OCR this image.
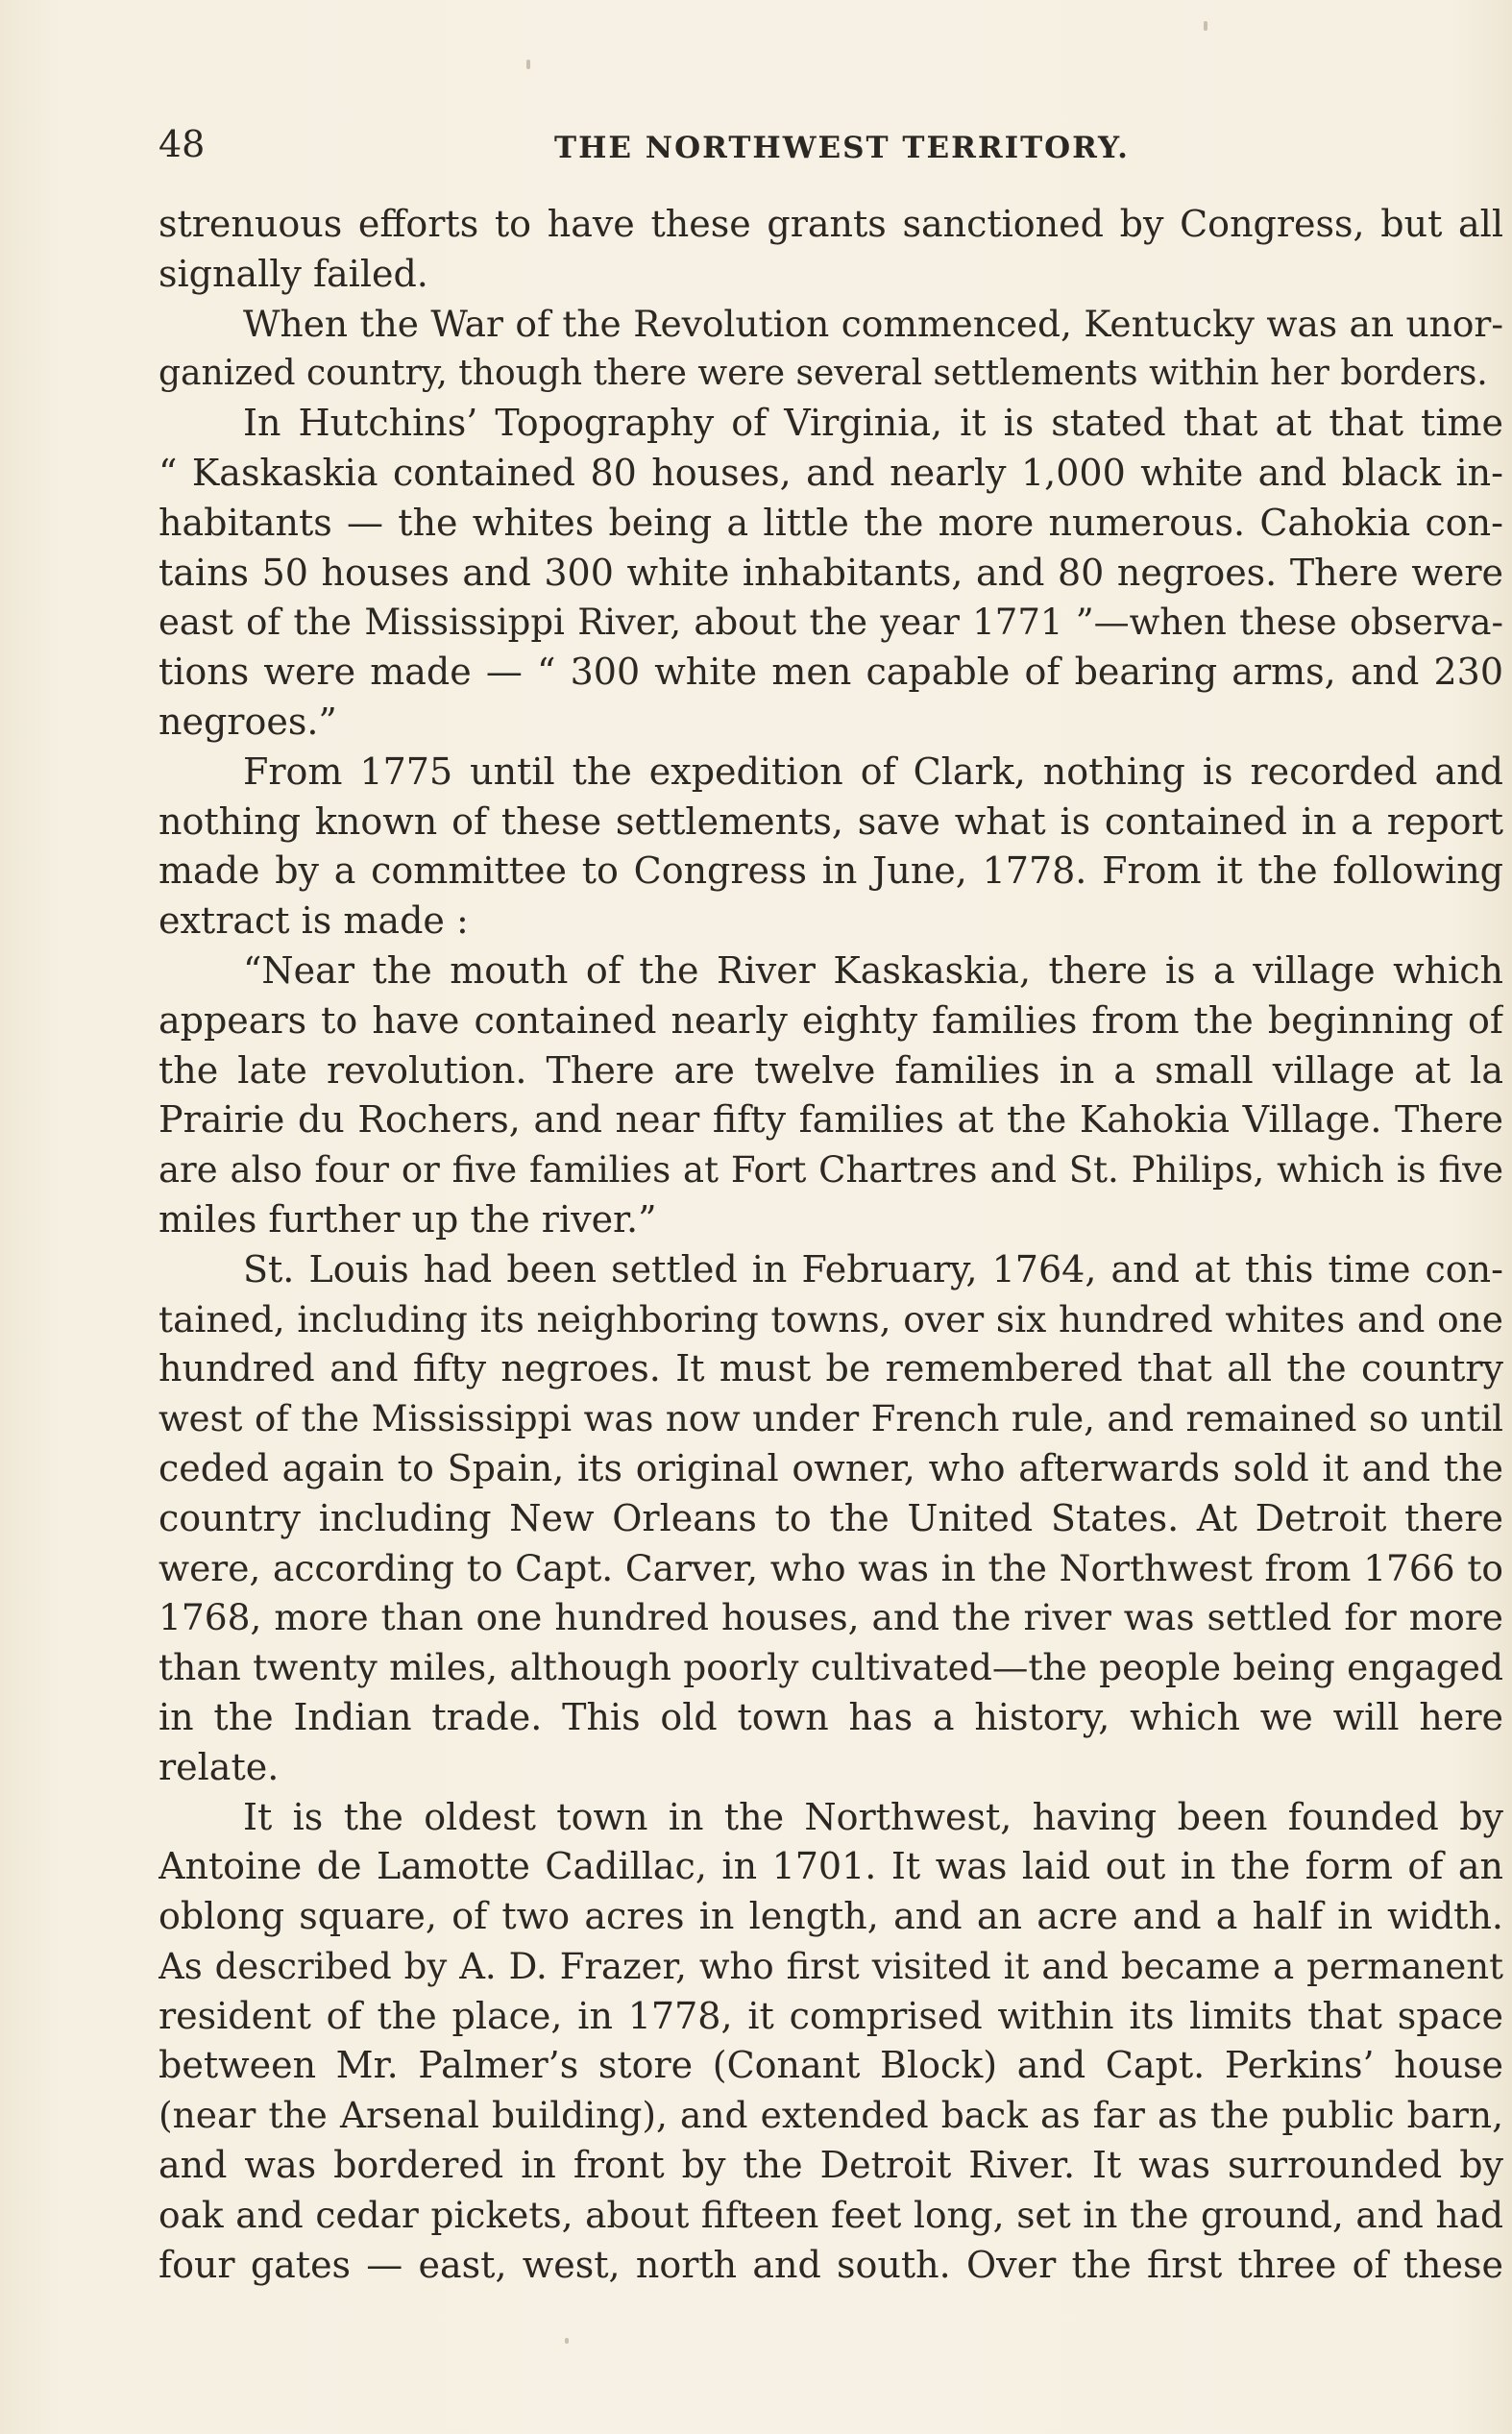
48	THE NORTHWEST TERRITORY.
strenuous efforts to have these grants sanctioned by Congress, but all
signally failed.
When the War of the Revolution commenced, Kentucky was an unor-
ganized country, though there were several settlements within her borders.
In Hutchins’ Topography of Virginia, it is stated that at that time
“ Kaskaskia contained 80 houses, and nearly 1,000 white and black in-
habitants — the whites being a little the more numerous. Cahokia con-
tains 50 houses and 300 white inhabitants, and 80 negroes. There were
east of the Mississippi River, about the year 1771 ”—when these observa-
tions were made — “ 300 white men capable of bearing arms, and 230
negroes.”
From 1775 until the expedition of Clark, nothing is recorded and
nothing known of these settlements, save what is contained in a report
made by a committee to Congress in June, 1778. From it the following
extract is made :
“Near the mouth of the River Kaskaskia, there is a village which
appears to have contained nearly eighty families from the beginning of
the late revolution. There are twelve families in a small village at la
Prairie du Rochers, and near fifty families at the Kahokia Village. There
are also four or five families at Fort Chartres and St. Philips, which is five
miles further up the river.”
St. Louis had been settled in February, 1764, and at this time con-
tained, including its neighboring towns, over six hundred whites and one
hundred and fifty negroes. It must be remembered that all the country
west of the Mississippi was now under French rule, and remained so until
ceded again to Spain, its original owner, who afterwards sold it and the
country including New Orleans to the United States. At Detroit there
were, according to Capt. Carver, who was in the Northwest from 1766 to
1768, more than one hundred houses, and the river was settled for more
than twenty miles, although poorly cultivated—the people being engaged
in the Indian trade. This old town has a history, which we will here
relate.
It is the oldest town in the Northwest, having been founded by
Antoine de Lamotte Cadillac, in 1701. It was laid out in the form of an
oblong square, of two acres in length, and an acre and a half in width.
As described by A. D. Frazer, who first visited it and became a permanent
resident of the place, in 1778, it comprised within its limits that space
between Mr. Palmer’s store (Conant Block) and Capt. Perkins’ house
(near the Arsenal building), and extended back as far as the public barn,
and was bordered in front by the Detroit River. It was surrounded by
oak and cedar pickets, about fifteen feet long, set in the ground, and had
four gates — east, west, north and south. Over the first three of these
